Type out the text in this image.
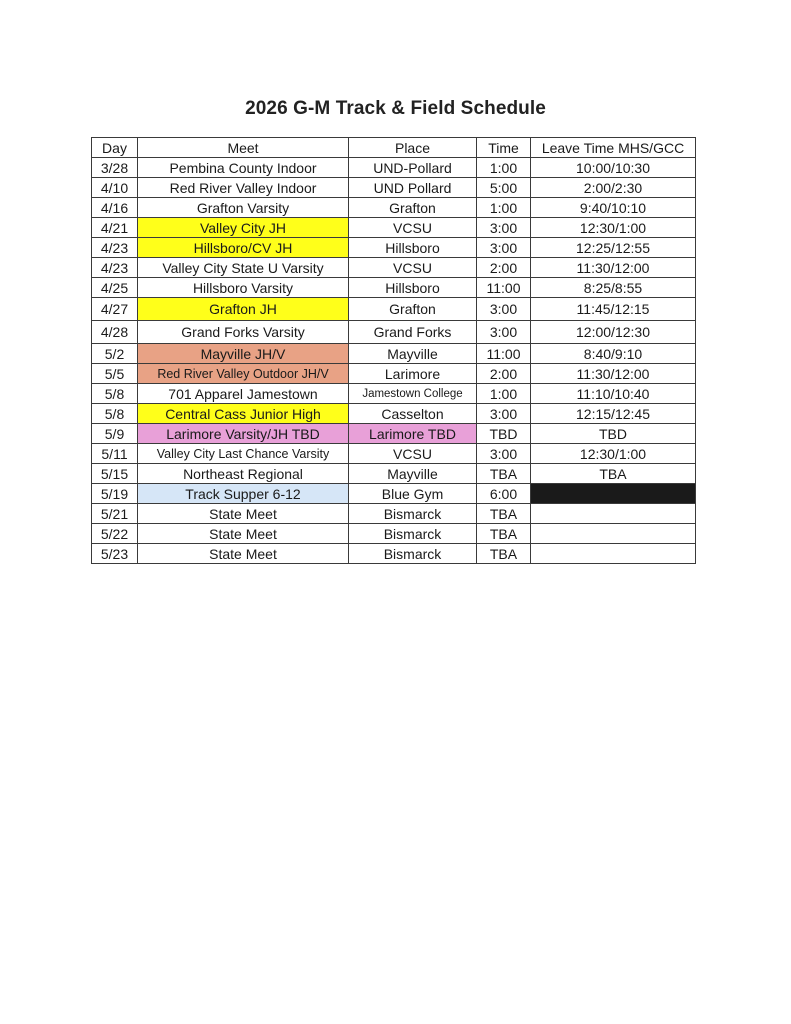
2026 G-M Track & Field Schedule
Day	Meet	Place	Time	Leave Time MHS/GCC
3/28	Pembina County Indoor	UND-Pollard	1:00	10:00/10:30
4/10	Red River Valley Indoor	UND Pollard	5:00	2:00/2:30
4/16	Grafton Varsity	Grafton	1:00	9:40/10:10
4/21	Valley City JH	VCSU	3:00	12:30/1:00
4/23	Hillsboro/CV JH	Hillsboro	3:00	12:25/12:55
4/23	Valley City State U Varsity	VCSU	2:00	11:30/12:00
4/25	Hillsboro Varsity	Hillsboro	11:00	8:25/8:55
4/27	Grafton JH	Grafton	3:00	11:45/12:15
4/28	Grand Forks Varsity	Grand Forks	3:00	12:00/12:30
5/2	Mayville JH/V	Mayville	11:00	8:40/9:10
5/5	Red River Valley Outdoor JH/V	Larimore	2:00	11:30/12:00
5/8	701 Apparel Jamestown	Jamestown College	1:00	11:10/10:40
5/8	Central Cass Junior High	Casselton	3:00	12:15/12:45
5/9	Larimore Varsity/JH TBD	Larimore TBD	TBD	TBD
5/11	Valley City Last Chance Varsity	VCSU	3:00	12:30/1:00
5/15	Northeast Regional	Mayville	TBA	TBA
5/19	Track Supper 6-12	Blue Gym	6:00	
5/21	State Meet	Bismarck	TBA	
5/22	State Meet	Bismarck	TBA	
5/23	State Meet	Bismarck	TBA	
